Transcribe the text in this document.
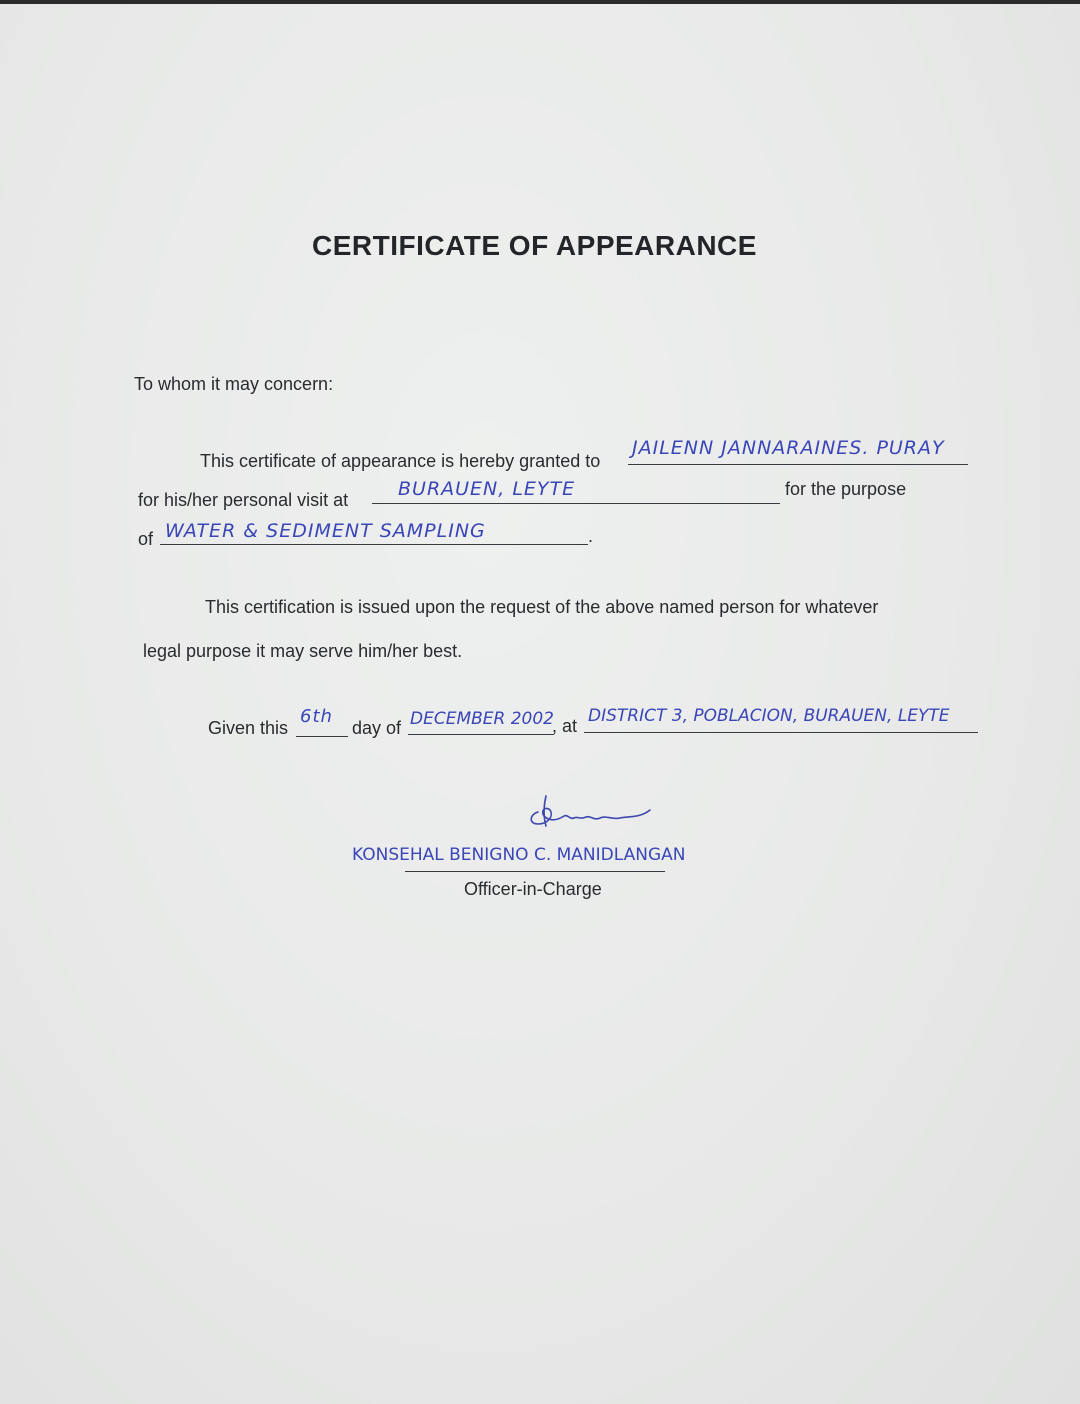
CERTIFICATE OF APPEARANCE
To whom it may concern:
This certificate of appearance is hereby granted to
JAILENN JANNARAINES. PURAY
for his/her personal visit at	BURAUEN, LEYTE	for the purpose
of WATER & SEDIMENT SAMPLING	.
This certification is issued upon the request of the above named person for whatever
legal purpose it may serve him/her best.
Given this
6th
day of DECEMBER 2002
, at DISTRICT 3, POBLACION, BURAUEN, LEYTE
KONSEHAL BENIGNO C. MANIDLANGAN
Officer-in-Charge
